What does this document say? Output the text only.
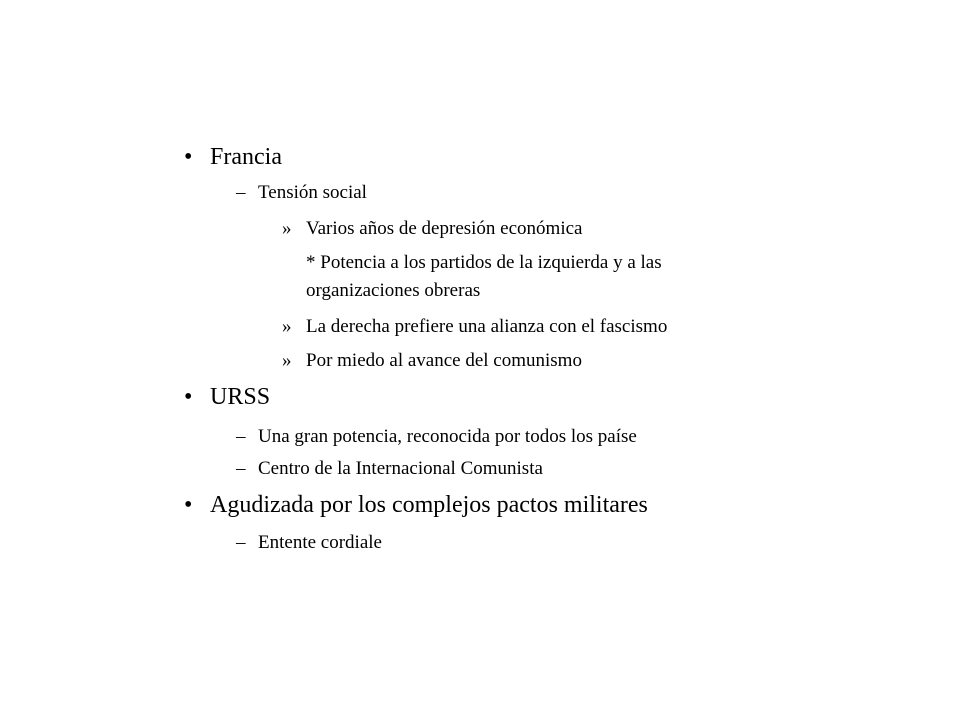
• Francia
– Tensión social
» Varios años de depresión económica
* Potencia a los partidos de la izquierda y a las
organizaciones obreras
» La derecha prefiere una alianza con el fascismo
» Por miedo al avance del comunismo
• URSS
– Una gran potencia, reconocida por todos los paíse
– Centro de la Internacional Comunista
• Agudizada por los complejos pactos militares
– Entente cordiale
